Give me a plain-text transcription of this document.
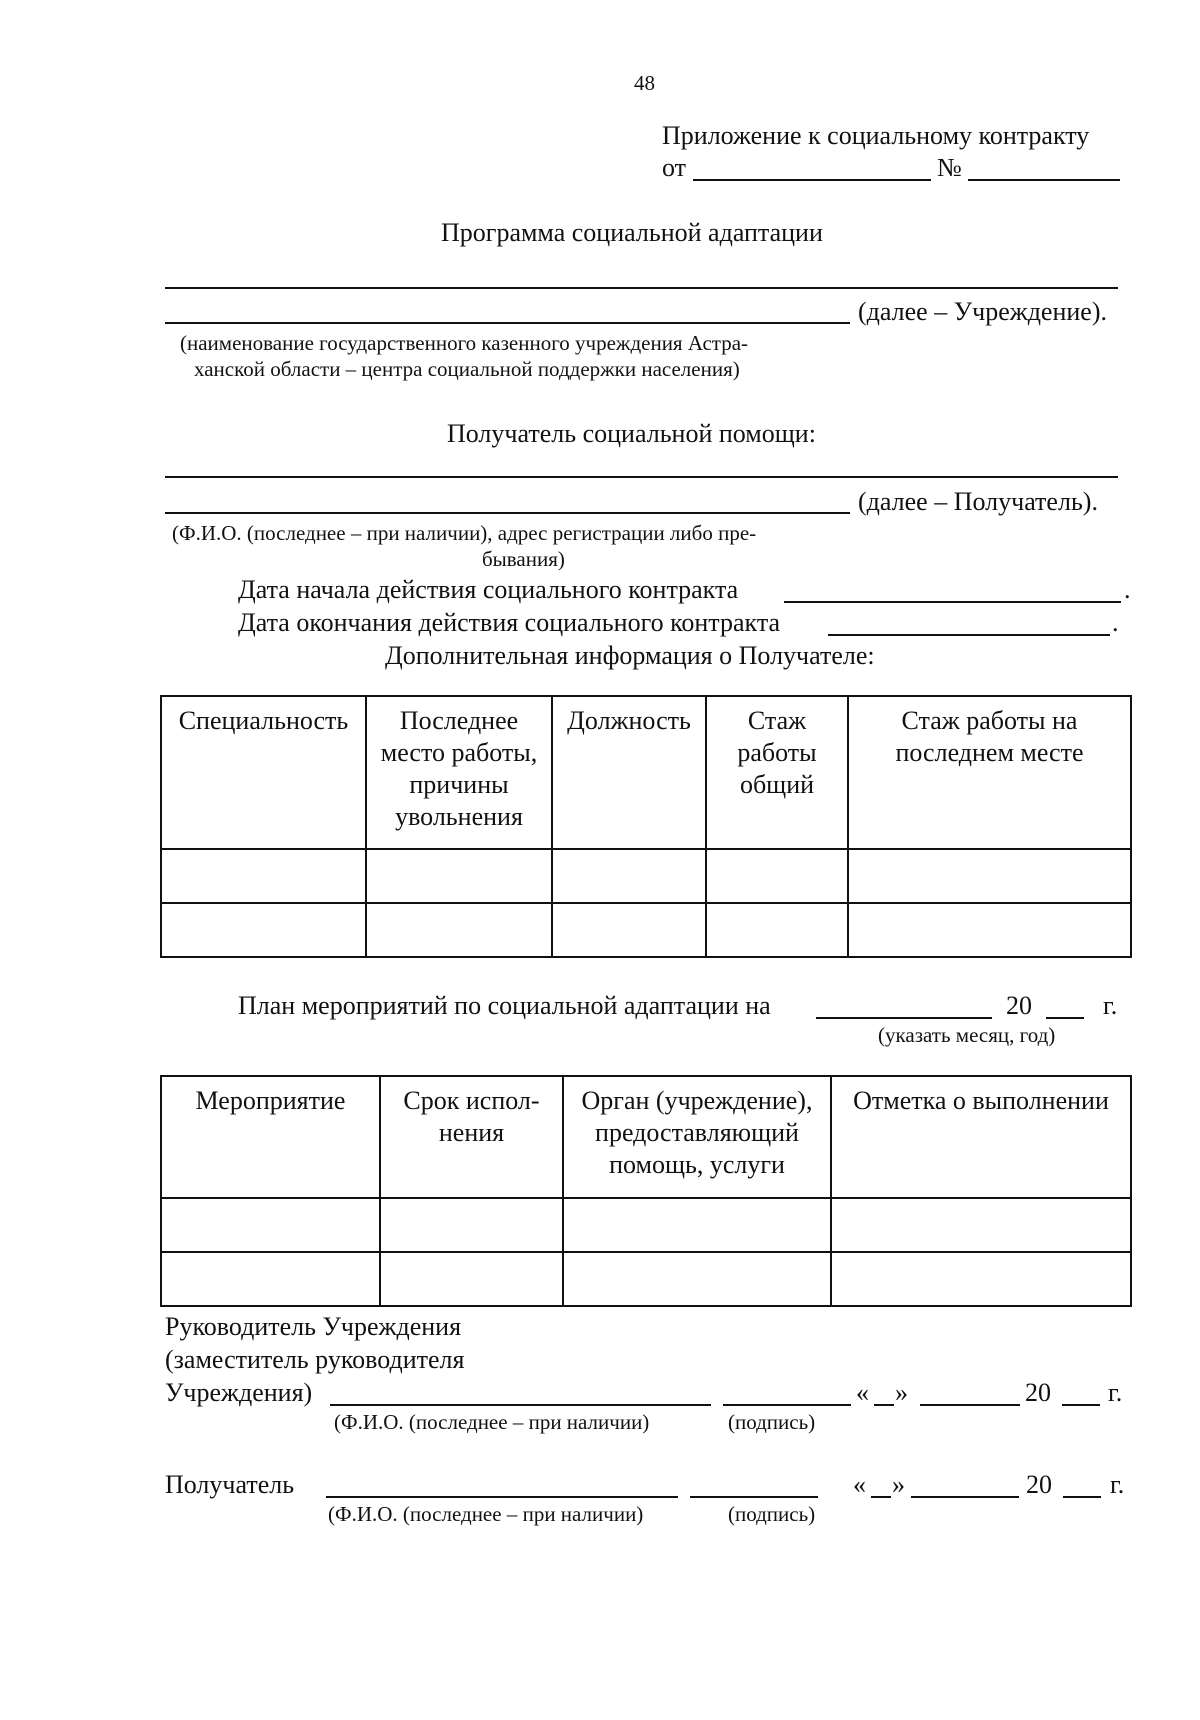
48
Приложение к социальному контракту
от	№
Программа социальной адаптации
(далее – Учреждение).
(наименование государственного казенного учреждения Астра-
ханской области – центра социальной поддержки населения)
Получатель социальной помощи:
(далее – Получатель).
(Ф.И.О. (последнее – при наличии), адрес регистрации либо пре-
бывания)
Дата начала действия социального контракта	.
Дата окончания действия социального контракта	.
Дополнительная информация о Получателе:
Специальность	Последнее место работы, причины увольнения	Должность	Стаж работы общий	Стаж работы на последнем месте

План мероприятий по социальной адаптации на	20	г.
(указать месяц, год)
Мероприятие	Срок испол-нения	Орган (учреждение), предоставляющий помощь, услуги	Отметка о выполнении

Руководитель Учреждения
(заместитель руководителя
Учреждения)	« »	20 г.
(Ф.И.О. (последнее – при наличии)	(подпись)
Получатель	« »	20 г.
(Ф.И.О. (последнее – при наличии)	(подпись)
